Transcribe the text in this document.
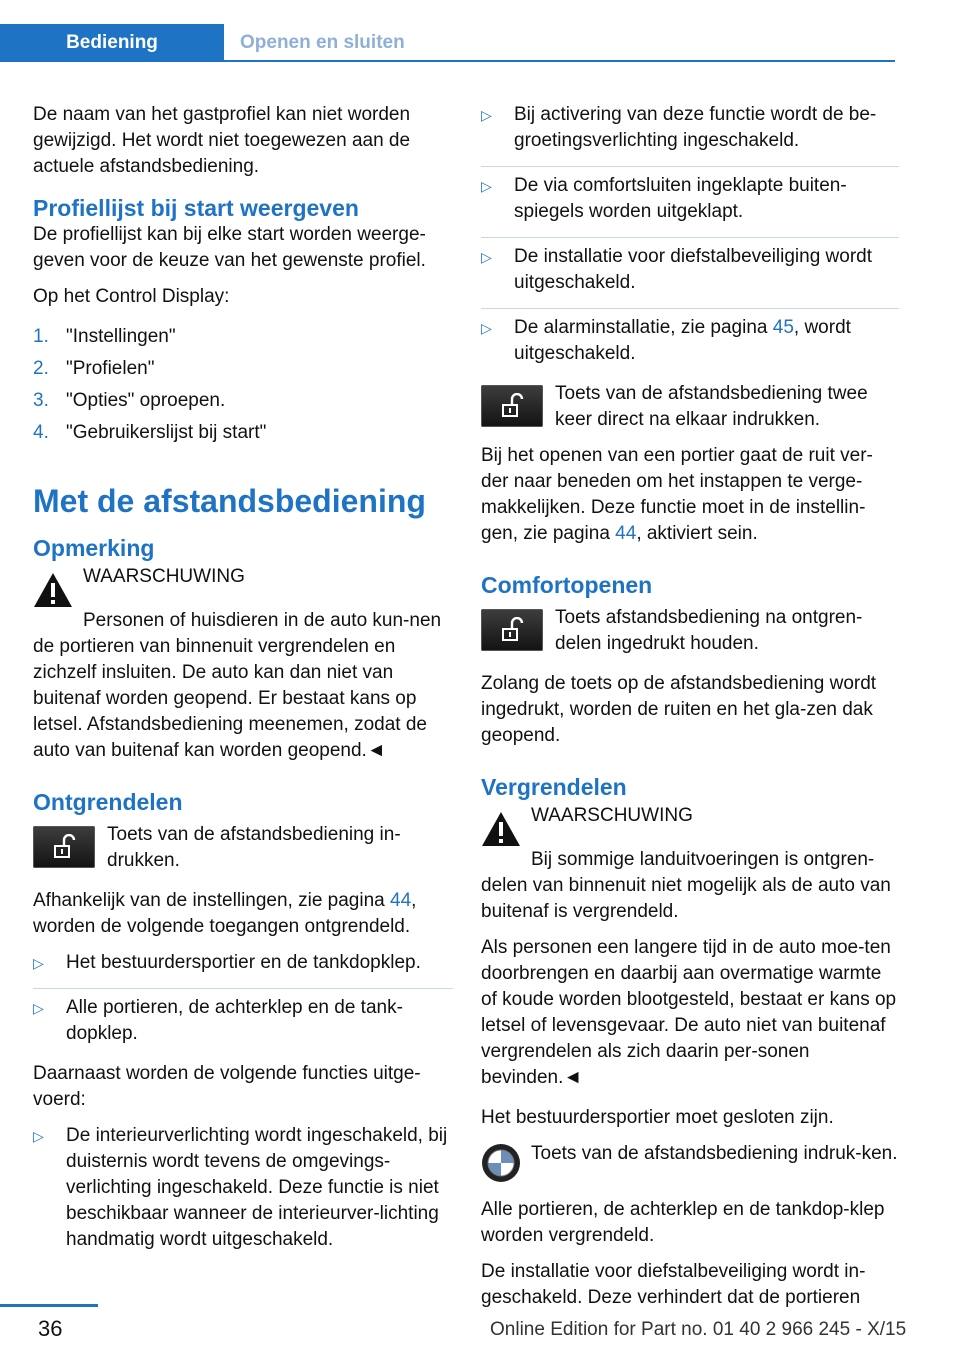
Bediening	Openen en sluiten

De naam van het gastprofiel kan niet worden gewijzigd. Het wordt niet toegewezen aan de actuele afstandsbediening.

Profiellijst bij start weergeven

De profiellijst kan bij elke start worden weerge‐geven voor de keuze van het gewenste profiel.

Op het Control Display:

1. "Instellingen"
2. "Profielen"
3. "Opties" oproepen.
4. "Gebruikerslijst bij start"
Met de afstandsbediening
Opmerking
WAARSCHUWING

Personen of huisdieren in de auto kun‐nen de portieren van binnenuit vergrendelen en zichzelf insluiten. De auto kan dan niet van buitenaf worden geopend. Er bestaat kans op letsel. Afstandsbediening meenemen, zodat de auto van buitenaf kan worden geopend.◄

Ontgrendelen
Toets van de afstandsbediening in‐drukken.

Afhankelijk van de instellingen, zie pagina 44, worden de volgende toegangen ontgrendeld.

▷ Het bestuurdersportier en de tankdopklep.
▷ Alle portieren, de achterklep en de tank‐dopklep.

Daarnaast worden de volgende functies uitge‐voerd:

▷ De interieurverlichting wordt ingeschakeld, bij duisternis wordt tevens de omgevings‐verlichting ingeschakeld. Deze functie is niet beschikbaar wanneer de interieurver‐lichting handmatig wordt uitgeschakeld.
▷ Bij activering van deze functie wordt de be‐groetingsverlichting ingeschakeld.
▷ De via comfortsluiten ingeklapte buiten‐spiegels worden uitgeklapt.
▷ De installatie voor diefstalbeveiliging wordt uitgeschakeld.
▷ De alarminstallatie, zie pagina 45, wordt uitgeschakeld.
Toets van de afstandsbediening twee keer direct na elkaar indrukken.

Bij het openen van een portier gaat de ruit ver‐der naar beneden om het instappen te verge‐makkelijken. Deze functie moet in de instellin‐gen, zie pagina 44, aktiviert sein.

Comfortopenen
Toets afstandsbediening na ontgren‐delen ingedrukt houden.

Zolang de toets op de afstandsbediening wordt ingedrukt, worden de ruiten en het gla‐zen dak geopend.

Vergrendelen
WAARSCHUWING

Bij sommige landuitvoeringen is ontgren‐delen van binnenuit niet mogelijk als de auto van buitenaf is vergrendeld.

Als personen een langere tijd in de auto moe‐ten doorbrengen en daarbij aan overmatige warmte of koude worden blootgesteld, bestaat er kans op letsel of levensgevaar. De auto niet van buitenaf vergrendelen als zich daarin per‐sonen bevinden.◄

Het bestuurdersportier moet gesloten zijn.

Toets van de afstandsbediening indruk‐ken.

Alle portieren, de achterklep en de tankdop‐klep worden vergrendeld.

De installatie voor diefstalbeveiliging wordt in‐geschakeld. Deze verhindert dat de portieren

36	Online Edition for Part no. 01 40 2 966 245 - X/15
